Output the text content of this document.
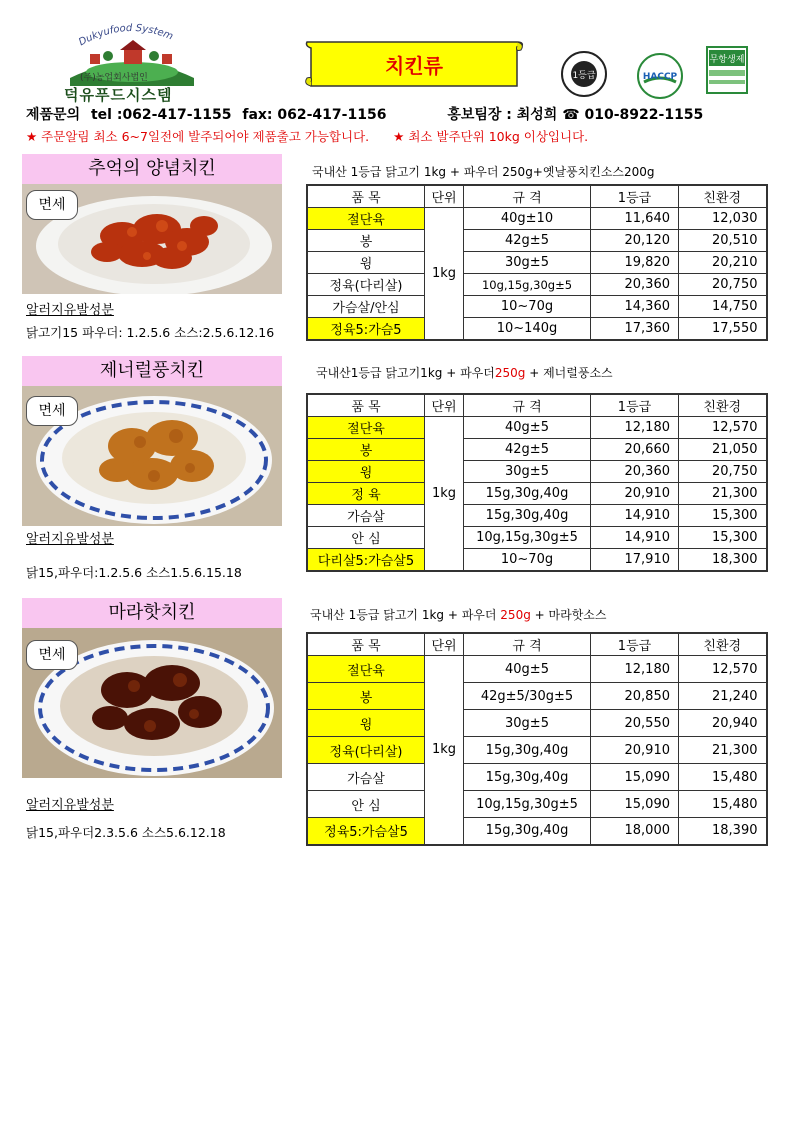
Dukyufood System
(주)농업회사법인
덕유푸드시스템
치킨류	1등급	HACCP
무항생제
제품문의 tel :062-417-1155 fax: 062-417-1156	홍보팀장 : 최성희 ☎ 010-8922-1155
★ 주문알림 최소 6~7일전에 발주되어야 제품출고 가능합니다. ★ 최소 발주단위 10kg 이상입니다.
추억의 양념치킨
면세
알러지유발성분
닭고기15 파우더: 1.2.5.6 소스:2.5.6.12.16
국내산 1등급 닭고기 1kg + 파우더 250g+옛날풍치킨소스200g
품 목	단위	규 격	1등급	친환경
절단육	1kg	40g±10	11,640	12,030
봉		42g±5	20,120	20,510
윙		30g±5	19,820	20,210
정육(다리살)		10g,15g,30g±5	20,360	20,750
가슴살/안심		10~70g	14,360	14,750
정육5:가슴5		10~140g	17,360	17,550
제너럴풍치킨
면세
알러지유발성분
닭15,파우더:1.2.5.6 소스1.5.6.15.18
국내산1등급 닭고기1kg + 파우더250g + 제너럴풍소스
품 목	단위	규 격	1등급	친환경
절단육	1kg	40g±5	12,180	12,570
봉		42g±5	20,660	21,050
윙		30g±5	20,360	20,750
정 육		15g,30g,40g	20,910	21,300
가슴살		15g,30g,40g	14,910	15,300
안 심		10g,15g,30g±5	14,910	15,300
다리살5:가슴살5		10~70g	17,910	18,300
마라핫치킨
면세
알러지유발성분
닭15,파우더2.3.5.6 소스5.6.12.18
국내산 1등급 닭고기 1kg + 파우더 250g + 마라핫소스
품 목	단위	규 격	1등급	친환경
절단육	1kg	40g±5	12,180	12,570
봉		42g±5/30g±5	20,850	21,240
윙		30g±5	20,550	20,940
정육(다리살)		15g,30g,40g	20,910	21,300
가슴살		15g,30g,40g	15,090	15,480
안 심		10g,15g,30g±5	15,090	15,480
정육5:가슴살5		15g,30g,40g	18,000	18,390
